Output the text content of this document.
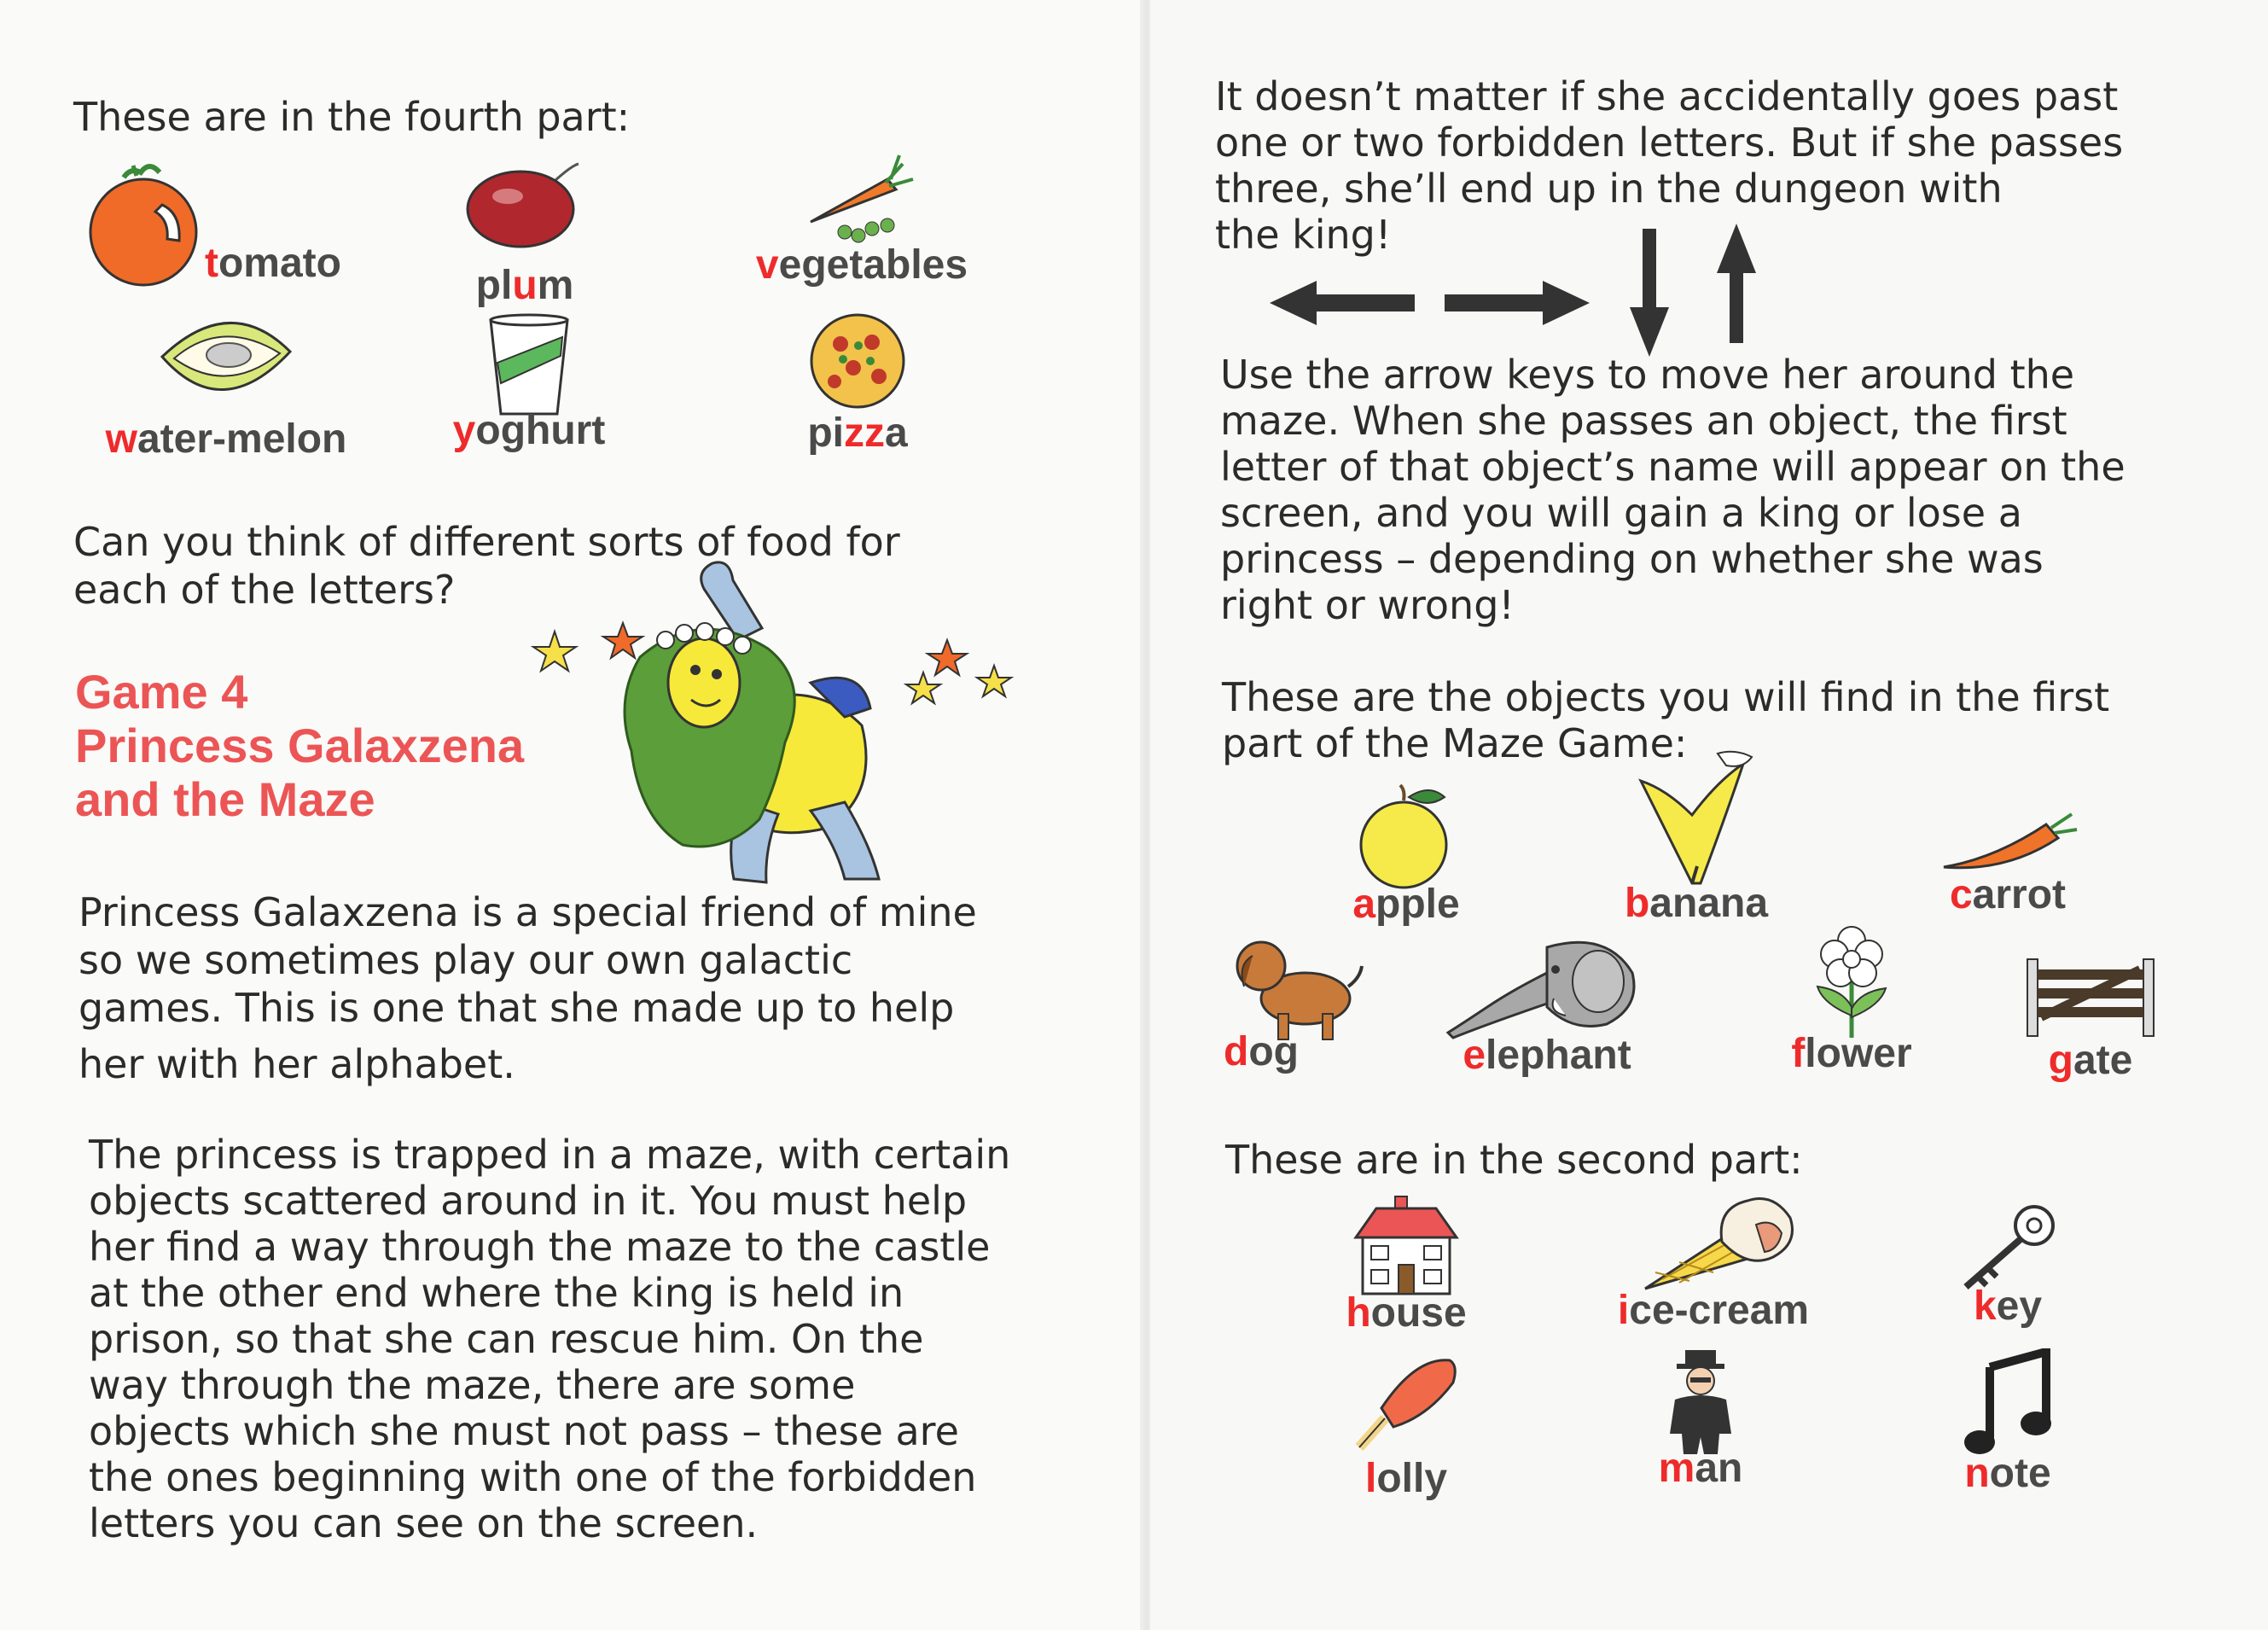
These are in the fourth part:
tomato	plum	vegetables
water-melon	yoghurt	pizza
Can you think of different sorts of food for
each of the letters?
Game 4
Princess Galaxzena
and the Maze
Princess Galaxzena is a special friend of mine
so we sometimes play our own galactic
games. This is one that she made up to help
her with her alphabet.
The princess is trapped in a maze, with certain
objects scattered around in it. You must help
her find a way through the maze to the castle
at the other end where the king is held in
prison, so that she can rescue him. On the
way through the maze, there are some
objects which she must not pass – these are
the ones beginning with one of the forbidden
letters you can see on the screen.
It doesn’t matter if she accidentally goes past
one or two forbidden letters. But if she passes
three, she’ll end up in the dungeon with
the king!
Use the arrow keys to move her around the
maze. When she passes an object, the first
letter of that object’s name will appear on the
screen, and you will gain a king or lose a
princess – depending on whether she was
right or wrong!
These are the objects you will find in the first
part of the Maze Game:
apple	banana	carrot
dog	elephant	flower	gate
These are in the second part:
house	ice-cream	key
lolly	man	note
